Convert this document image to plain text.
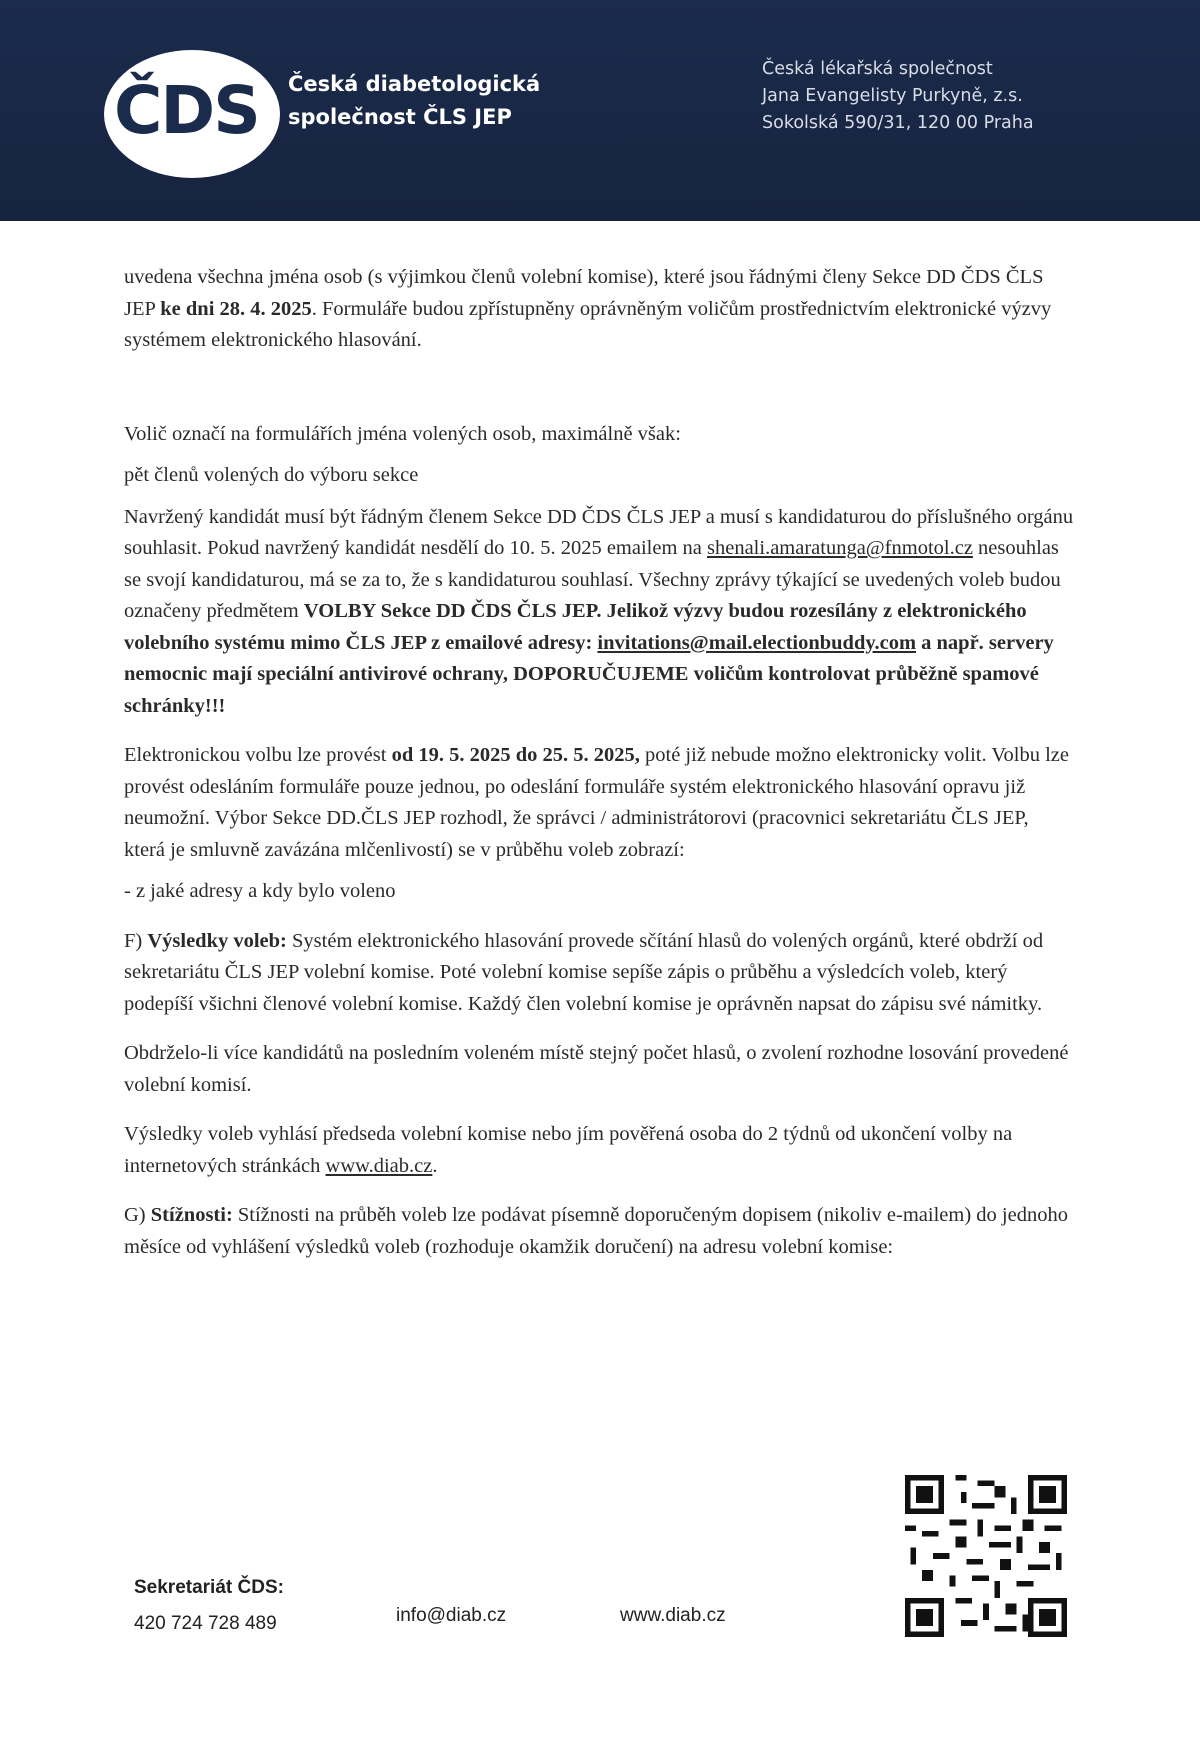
ČDS	Česká diabetologická
společnost ČLS JEP
Česká lékařská společnost
Jana Evangelisty Purkyně, z.s.
Sokolská 590/31, 120 00 Praha

uvedena všechna jména osob (s výjimkou členů volební komise), které jsou řádnými členy Sekce DD ČDS ČLS JEP ke dni 28. 4. 2025. Formuláře budou zpřístupněny oprávněným voličům prostřednictvím elektronické výzvy systémem elektronického hlasování.

Volič označí na formulářích jména volených osob, maximálně však:

pět členů volených do výboru sekce

Navržený kandidát musí být řádným členem Sekce DD ČDS ČLS JEP a musí s kandidaturou do příslušného orgánu souhlasit. Pokud navržený kandidát nesdělí do 10. 5. 2025 emailem na shenali.amaratunga@fnmotol.cz nesouhlas se svojí kandidaturou, má se za to, že s kandidaturou souhlasí. Všechny zprávy týkající se uvedených voleb budou označeny předmětem VOLBY Sekce DD ČDS ČLS JEP. Jelikož výzvy budou rozesílány z elektronického volebního systému mimo ČLS JEP z emailové adresy: invitations@mail.electionbuddy.com a např. servery nemocnic mají speciální antivirové ochrany, DOPORUČUJEME voličům kontrolovat průběžně spamové schránky!!!

Elektronickou volbu lze provést od 19. 5. 2025 do 25. 5. 2025, poté již nebude možno elektronicky volit. Volbu lze provést odesláním formuláře pouze jednou, po odeslání formuláře systém elektronického hlasování opravu již neumožní. Výbor Sekce DD.ČLS JEP rozhodl, že správci / administrátorovi (pracovnici sekretariátu ČLS JEP, která je smluvně zavázána mlčenlivostí) se v průběhu voleb zobrazí:

- z jaké adresy a kdy bylo voleno

F) Výsledky voleb: Systém elektronického hlasování provede sčítání hlasů do volených orgánů, které obdrží od sekretariátu ČLS JEP volební komise. Poté volební komise sepíše zápis o průběhu a výsledcích voleb, který podepíší všichni členové volební komise. Každý člen volební komise je oprávněn napsat do zápisu své námitky.

Obdrželo-li více kandidátů na posledním voleném místě stejný počet hlasů, o zvolení rozhodne losování provedené volební komisí.

Výsledky voleb vyhlásí předseda volební komise nebo jím pověřená osoba do 2 týdnů od ukončení volby na internetových stránkách www.diab.cz.

G) Stížnosti: Stížnosti na průběh voleb lze podávat písemně doporučeným dopisem (nikoliv e-mailem) do jednoho měsíce od vyhlášení výsledků voleb (rozhoduje okamžik doručení) na adresu volební komise:

Sekretariát ČDS:
420 724 728 489	info@diab.cz	www.diab.cz
